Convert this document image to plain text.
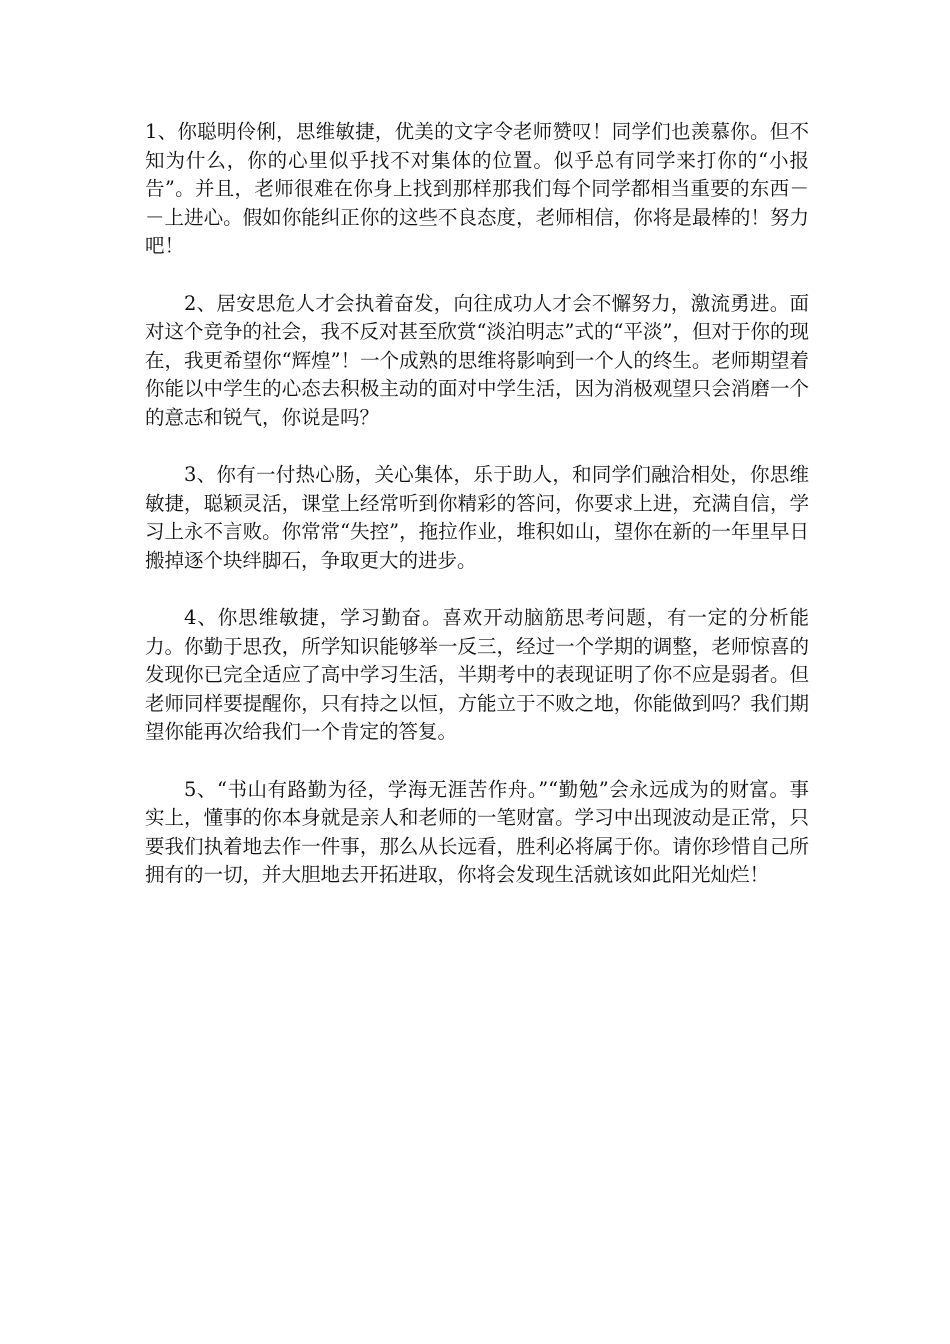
1、你聪明伶俐，思维敏捷，优美的文字令老师赞叹！同学们也羡慕你。但不知为什么，你的心里似乎找不对集体的位置。似乎总有同学来打你的“小报告”。并且，老师很难在你身上找到那样那我们每个同学都相当重要的东西－－上进心。假如你能纠正你的这些不良态度，老师相信，你将是最棒的！努力吧！

2、居安思危人才会执着奋发，向往成功人才会不懈努力，激流勇进。面对这个竞争的社会，我不反对甚至欣赏“淡泊明志”式的“平淡”，但对于你的现在，我更希望你“辉煌”！一个成熟的思维将影响到一个人的终生。老师期望着你能以中学生的心态去积极主动的面对中学生活，因为消极观望只会消磨一个的意志和锐气，你说是吗？

3、你有一付热心肠，关心集体，乐于助人，和同学们融洽相处，你思维敏捷，聪颖灵活，课堂上经常听到你精彩的答问，你要求上进，充满自信，学习上永不言败。你常常“失控”，拖拉作业，堆积如山，望你在新的一年里早日搬掉逐个块绊脚石，争取更大的进步。

4、你思维敏捷，学习勤奋。喜欢开动脑筋思考问题，有一定的分析能力。你勤于思孜，所学知识能够举一反三，经过一个学期的调整，老师惊喜的发现你已完全适应了高中学习生活，半期考中的表现证明了你不应是弱者。但老师同样要提醒你，只有持之以恒，方能立于不败之地，你能做到吗？我们期望你能再次给我们一个肯定的答复。

5、“书山有路勤为径，学海无涯苦作舟。”“勤勉”会永远成为的财富。事实上，懂事的你本身就是亲人和老师的一笔财富。学习中出现波动是正常，只要我们执着地去作一件事，那么从长远看，胜利必将属于你。请你珍惜自己所拥有的一切，并大胆地去开拓进取，你将会发现生活就该如此阳光灿烂！
